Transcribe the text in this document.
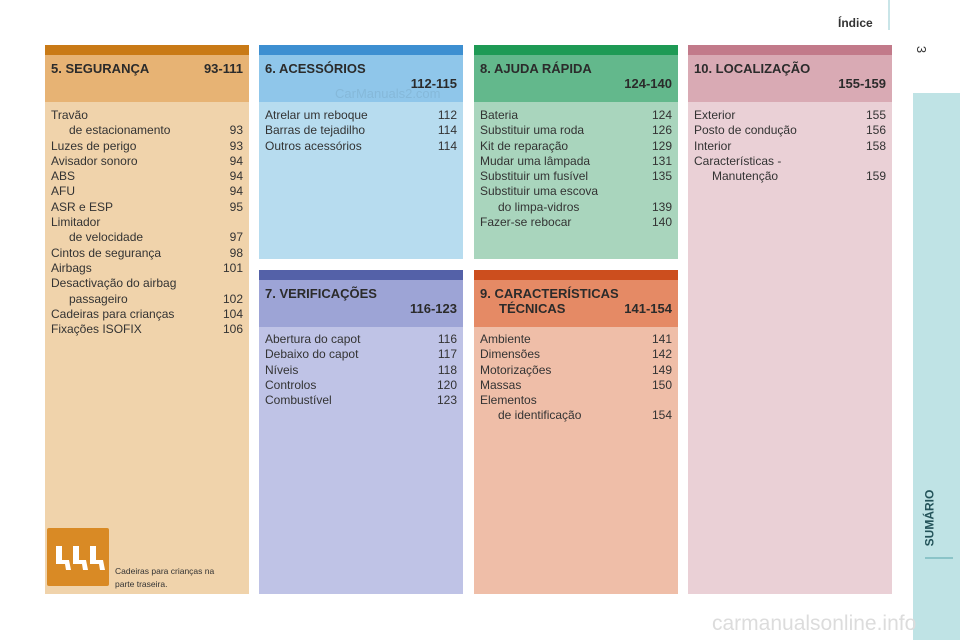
Índice
3
SUMÁRIO
5. SEGURANÇA	93-111
Travão
de estacionamento	93
Luzes de perigo	93
Avisador sonoro	94
ABS	94
AFU	94
ASR e ESP	95
Limitador
de velocidade	97
Cintos de segurança	98
Airbags	101
Desactivação do airbag
passageiro	102
Cadeiras para crianças	104
Fixações ISOFIX	106
Cadeiras para crianças na
parte traseira.
6. ACESSÓRIOS
112-115
Atrelar um reboque	112
Barras de tejadilho	114
Outros acessórios	114
CarManuals2.com
7. VERIFICAÇÕES
116-123
Abertura do capot	116
Debaixo do capot	117
Níveis	118
Controlos	120
Combustível	123
8. AJUDA RÁPIDA
124-140
Bateria	124
Substituir uma roda	126
Kit de reparação	129
Mudar uma lâmpada	131
Substituir um fusível	135
Substituir uma escova
do limpa-vidros	139
Fazer-se rebocar	140
9. CARACTERÍSTICAS
TÉCNICAS	141-154
Ambiente	141
Dimensões	142
Motorizações	149
Massas	150
Elementos
de identificação	154
10. LOCALIZAÇÃO
155-159
Exterior	155
Posto de condução	156
Interior	158
Características -
Manutenção	159
carmanualsonline.info
